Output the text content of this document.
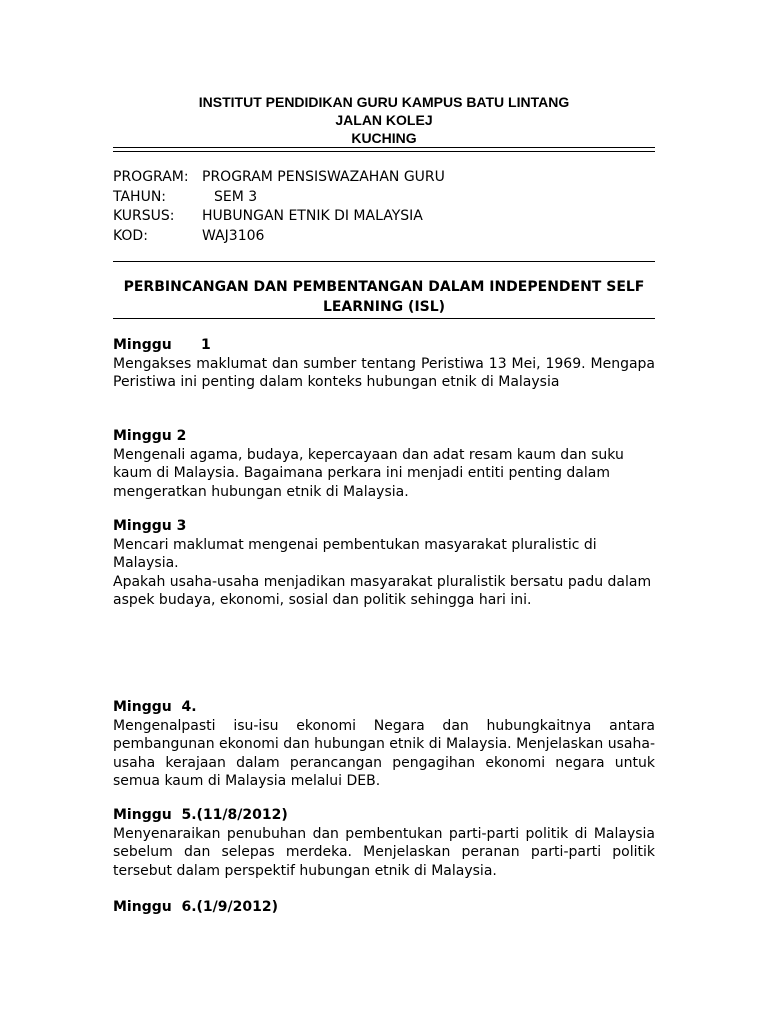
INSTITUT PENDIDIKAN GURU KAMPUS BATU LINTANG
JALAN KOLEJ
KUCHING
PROGRAM: PROGRAM PENSISWAZAHAN GURU
TAHUN:	SEM 3
KURSUS:	HUBUNGAN ETNIK DI MALAYSIA
KOD:	WAJ3106
PERBINCANGAN DAN PEMBENTANGAN DALAM INDEPENDENT SELF LEARNING (ISL)

Minggu      1

Mengakses maklumat dan sumber tentang Peristiwa 13 Mei, 1969. Mengapa Peristiwa ini penting dalam konteks hubungan etnik di Malaysia

Minggu 2

Mengenali agama, budaya, kepercayaan dan adat resam kaum dan suku kaum di Malaysia. Bagaimana perkara ini menjadi entiti penting dalam mengeratkan hubungan etnik di Malaysia.

Minggu 3

Mencari maklumat mengenai pembentukan masyarakat pluralistic di Malaysia.

Apakah usaha-usaha menjadikan masyarakat pluralistik bersatu padu dalam aspek budaya, ekonomi, sosial dan politik sehingga hari ini.

Minggu  4.

Mengenalpasti isu-isu ekonomi Negara dan hubungkaitnya antara pembangunan ekonomi dan hubungan etnik di Malaysia. Menjelaskan usaha-usaha kerajaan dalam perancangan pengagihan ekonomi negara untuk semua kaum di Malaysia melalui DEB.

Minggu  5.(11/8/2012)

Menyenaraikan penubuhan dan pembentukan parti-parti politik di Malaysia sebelum dan selepas merdeka. Menjelaskan peranan parti-parti politik tersebut dalam perspektif hubungan etnik di Malaysia.

Minggu  6.(1/9/2012)
